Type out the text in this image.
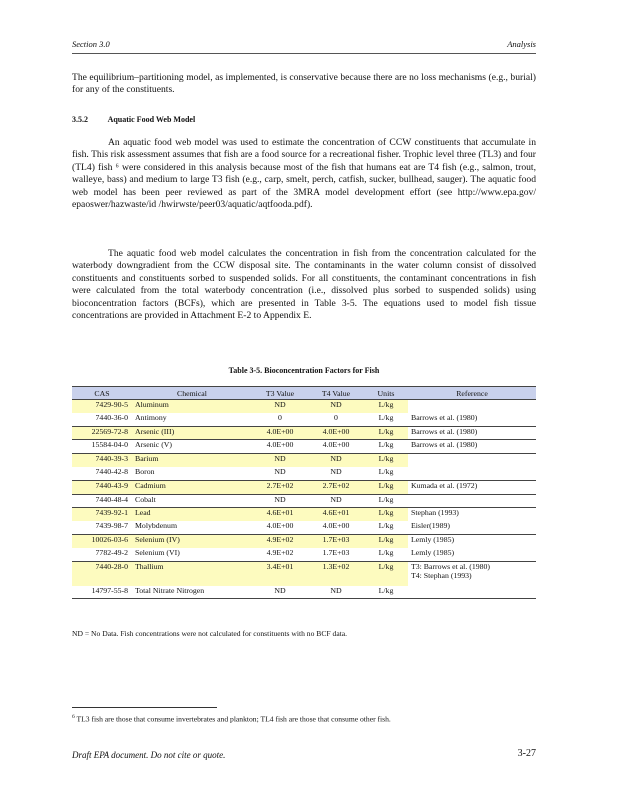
Section 3.0	Analysis

The equilibrium–partitioning model, as implemented, is conservative because there are no loss mechanisms (e.g., burial) for any of the constituents.

3.5.2 Aquatic Food Web Model

An aquatic food web model was used to estimate the concentration of CCW constituents that accumulate in fish. This risk assessment assumes that fish are a food source for a recreational fisher. Trophic level three (TL3) and four (TL4) fish ⁶ were considered in this analysis because most of the fish that humans eat are T4 fish (e.g., salmon, trout, walleye, bass) and medium to large T3 fish (e.g., carp, smelt, perch, catfish, sucker, bullhead, sauger). The aquatic food web model has been peer reviewed as part of the 3MRA model development effort (see http://www.epa.gov/ epaoswer/hazwaste/id /hwirwste/peer03/aquatic/aqtfooda.pdf).

The aquatic food web model calculates the concentration in fish from the concentration calculated for the waterbody downgradient from the CCW disposal site. The contaminants in the water column consist of dissolved constituents and constituents sorbed to suspended solids. For all constituents, the contaminant concentrations in fish were calculated from the total waterbody concentration (i.e., dissolved plus sorbed to suspended solids) using bioconcentration factors (BCFs), which are presented in Table 3-5. The equations used to model fish tissue concentrations are provided in Attachment E-2 to Appendix E.

Table 3-5. Bioconcentration Factors for Fish
CAS	Chemical	T3 Value	T4 Value	Units	Reference
7429-90-5	Aluminum	ND	ND	L/kg	
7440-36-0	Antimony	0	0	L/kg	Barrows et al. (1980)
22569-72-8	Arsenic (III)	4.0E+00	4.0E+00	L/kg	Barrows et al. (1980)
15584-04-0	Arsenic (V)	4.0E+00	4.0E+00	L/kg	Barrows et al. (1980)
7440-39-3	Barium	ND	ND	L/kg	
7440-42-8	Boron	ND	ND	L/kg	
7440-43-9	Cadmium	2.7E+02	2.7E+02	L/kg	Kumada et al. (1972)
7440-48-4	Cobalt	ND	ND	L/kg	
7439-92-1	Lead	4.6E+01	4.6E+01	L/kg	Stephan (1993)
7439-98-7	Molybdenum	4.0E+00	4.0E+00	L/kg	Eisler(1989)
10026-03-6	Selenium (IV)	4.9E+02	1.7E+03	L/kg	Lemly (1985)
7782-49-2	Selenium (VI)	4.9E+02	1.7E+03	L/kg	Lemly (1985)
7440-28-0	Thallium	3.4E+01	1.3E+02	L/kg	T3: Barrows et al. (1980)
T4: Stephan (1993)
14797-55-8	Total Nitrate Nitrogen	ND	ND	L/kg	
ND = No Data. Fish concentrations were not calculated for constituents with no BCF data.
$^6$ TL3 fish are those that consume invertebrates and plankton; TL4 fish are those that consume other fish.
Draft EPA document. Do not cite or quote.	3-27
